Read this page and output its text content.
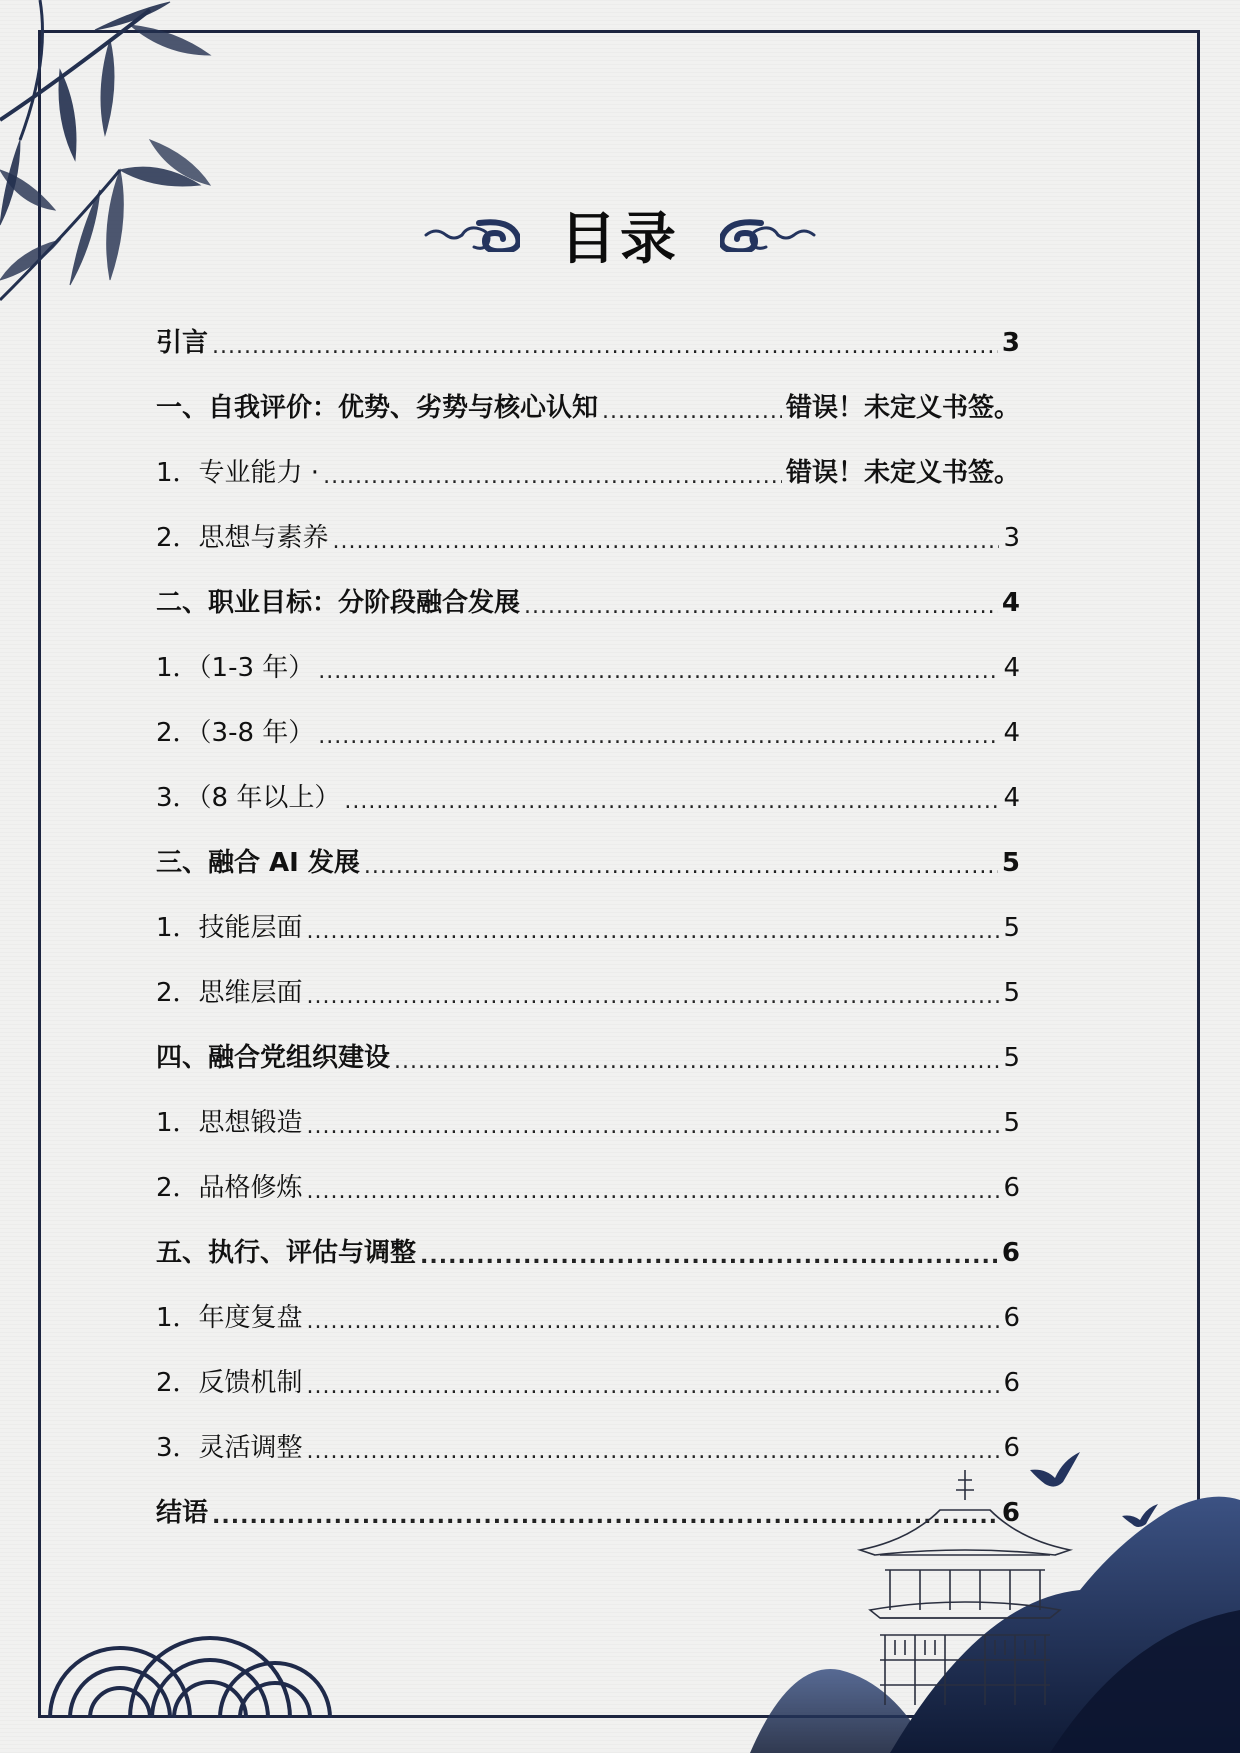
目录
引言 .....	3
一、自我评价：优势、劣势与核心认知 .....	错误！未定义书签。
1．专业能力 · .....	错误！未定义书签。
2．思想与素养 .....	3
二、职业目标：分阶段融合发展 .....	4
1．（1-3 年） .....	4
2．（3-8 年） .....	4
3．（8 年以上） .....	4
三、融合 AI 发展 .....	5
1．技能层面 .....	5
2．思维层面 .....	5
四、融合党组织建设 .....	5
1．思想锻造 .....	5
2．品格修炼 .....	6
五、执行、评估与调整 .....	6
1．年度复盘 .....	6
2．反馈机制 .....	6
3．灵活调整 .....	6
结语 .....	6
